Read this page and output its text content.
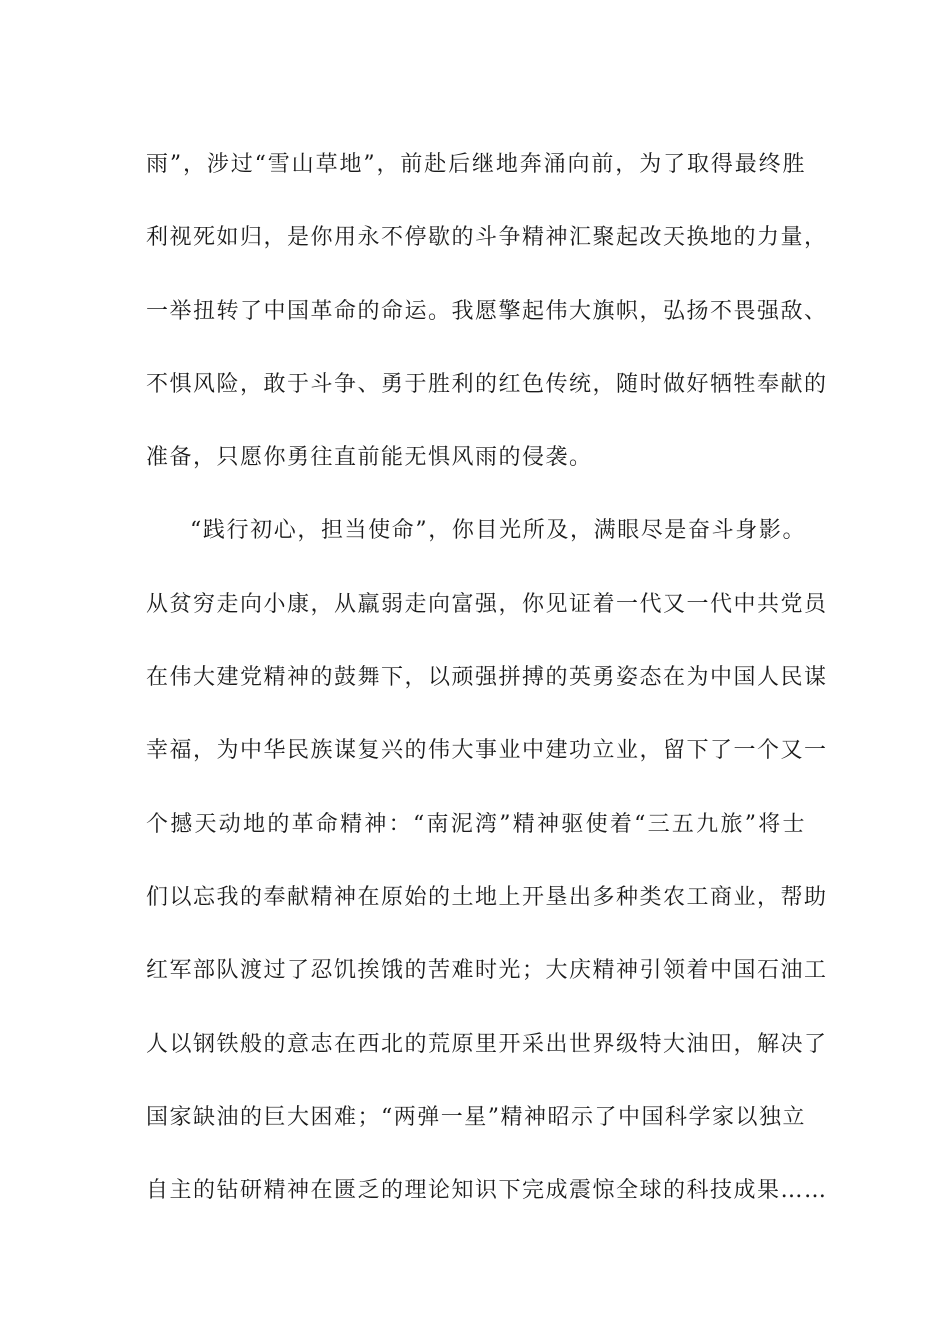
雨”，涉过“雪山草地”，前赴后继地奔涌向前，为了取得最终胜
利视死如归，是你用永不停歇的斗争精神汇聚起改天换地的力量，
一举扭转了中国革命的命运。我愿擎起伟大旗帜，弘扬不畏强敌、
不惧风险，敢于斗争、勇于胜利的红色传统，随时做好牺牲奉献的
准备，只愿你勇往直前能无惧风雨的侵袭。
“践行初心，担当使命”，你目光所及，满眼尽是奋斗身影。
从贫穷走向小康，从羸弱走向富强，你见证着一代又一代中共党员
在伟大建党精神的鼓舞下，以顽强拼搏的英勇姿态在为中国人民谋
幸福，为中华民族谋复兴的伟大事业中建功立业，留下了一个又一
个撼天动地的革命精神：“南泥湾”精神驱使着“三五九旅”将士
们以忘我的奉献精神在原始的土地上开垦出多种类农工商业，帮助
红军部队渡过了忍饥挨饿的苦难时光；大庆精神引领着中国石油工
人以钢铁般的意志在西北的荒原里开采出世界级特大油田，解决了
国家缺油的巨大困难；“两弹一星”精神昭示了中国科学家以独立
自主的钻研精神在匮乏的理论知识下完成震惊全球的科技成果……
